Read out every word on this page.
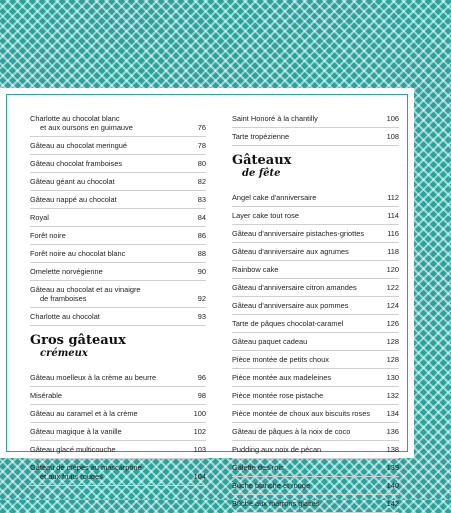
Charlotte au chocolat blanc
et aux oursons en guimauve	76
Gâteau au chocolat meringué	78
Gâteau chocolat framboises	80
Gâteau géant au chocolat	82
Gâteau nappé au chocolat	83
Royal	84
Forêt noire	86
Forêt noire au chocolat blanc	88
Omelette norvégienne	90
Gâteau au chocolat et au vinaigre
de framboises	92
Charlotte au chocolat	93
Gros gâteaux
crémeux
Gâteau moelleux à la crème au beurre	96
Misérable	98
Gâteau au caramel et à la crème	100
Gâteau magique à la vanille	102
Gâteau glacé multicouche	103
Gâteau de crêpes au mascarpone
et aux fruits rouges	104
Saint Honoré à la chantilly	106
Tarte tropézienne	108
Gâteaux
de fête
Angel cake d'anniversaire	112
Layer cake tout rose	114
Gâteau d'anniversaire pistaches-griottes	116
Gâteau d'anniversaire aux agrumes	118
Rainbow cake	120
Gâteau d'anniversaire citron amandes	122
Gâteau d'anniversaire aux pommes	124
Tarte de pâques chocolat-caramel	126
Gâteau paquet cadeau	128
Pièce montée de petits choux	128
Pièce montée aux madeleines	130
Pièce montée rose pistache	132
Pièce montée de choux aux biscuits roses	134
Gâteau de pâques à la noix de coco	136
Pudding aux noix de pécan	138
Galette des rois	139
Bûche blanche et rouge	140
Bûche aux marrons glacés	142
